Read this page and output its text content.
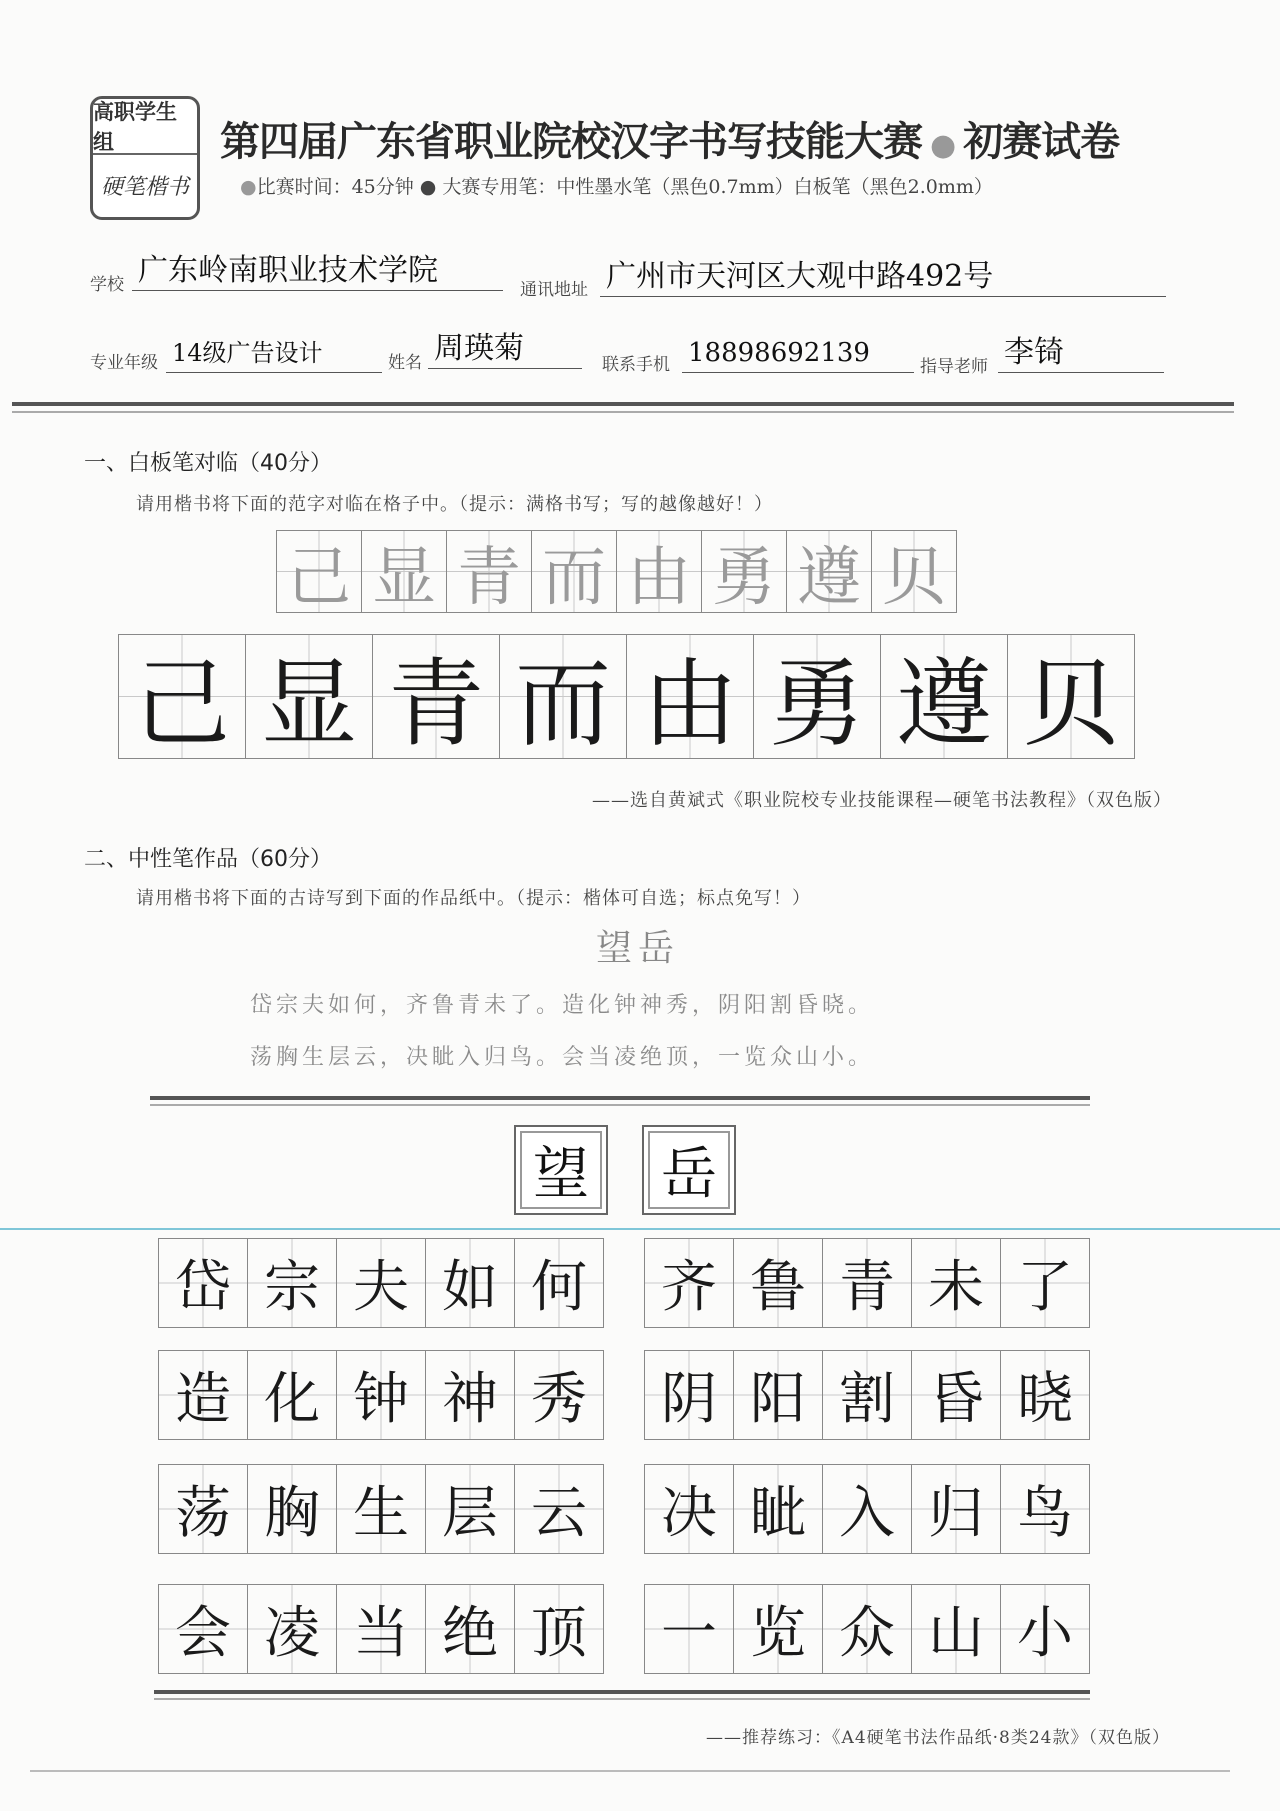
高职学生组
硬笔楷书
第四届广东省职业院校汉字书写技能大赛 ● 初赛试卷
●比赛时间：45分钟 ● 大赛专用笔：中性墨水笔（黑色0.7mm）白板笔（黑色2.0mm）
学校 广东岭南职业技术学院
通讯地址 广州市天河区大观中路492号
专业年级 14级广告设计	姓名 周瑛菊	联系手机 18898692139	指导老师 李锜
一、白板笔对临（40分）
请用楷书将下面的范字对临在格子中。（提示：满格书写；写的越像越好！）
己 显 青 而 由 勇 遵 贝
己 显 青 而 由 勇 遵 贝
——选自黄斌式《职业院校专业技能课程—硬笔书法教程》（双色版）
二、中性笔作品（60分）
请用楷书将下面的古诗写到下面的作品纸中。（提示：楷体可自选；标点免写！）
望岳
岱宗夫如何，齐鲁青未了。造化钟神秀，阴阳割昏晓。
荡胸生层云，决眦入归鸟。会当凌绝顶，一览众山小。
望	岳
岱 宗 夫 如 何	齐 鲁 青 未 了
造 化 钟 神 秀	阴 阳 割 昏 晓
荡 胸 生 层 云	决 眦 入 归 鸟
会 凌 当 绝 顶	一 览 众 山 小
——推荐练习：《A4硬笔书法作品纸·8类24款》（双色版）
